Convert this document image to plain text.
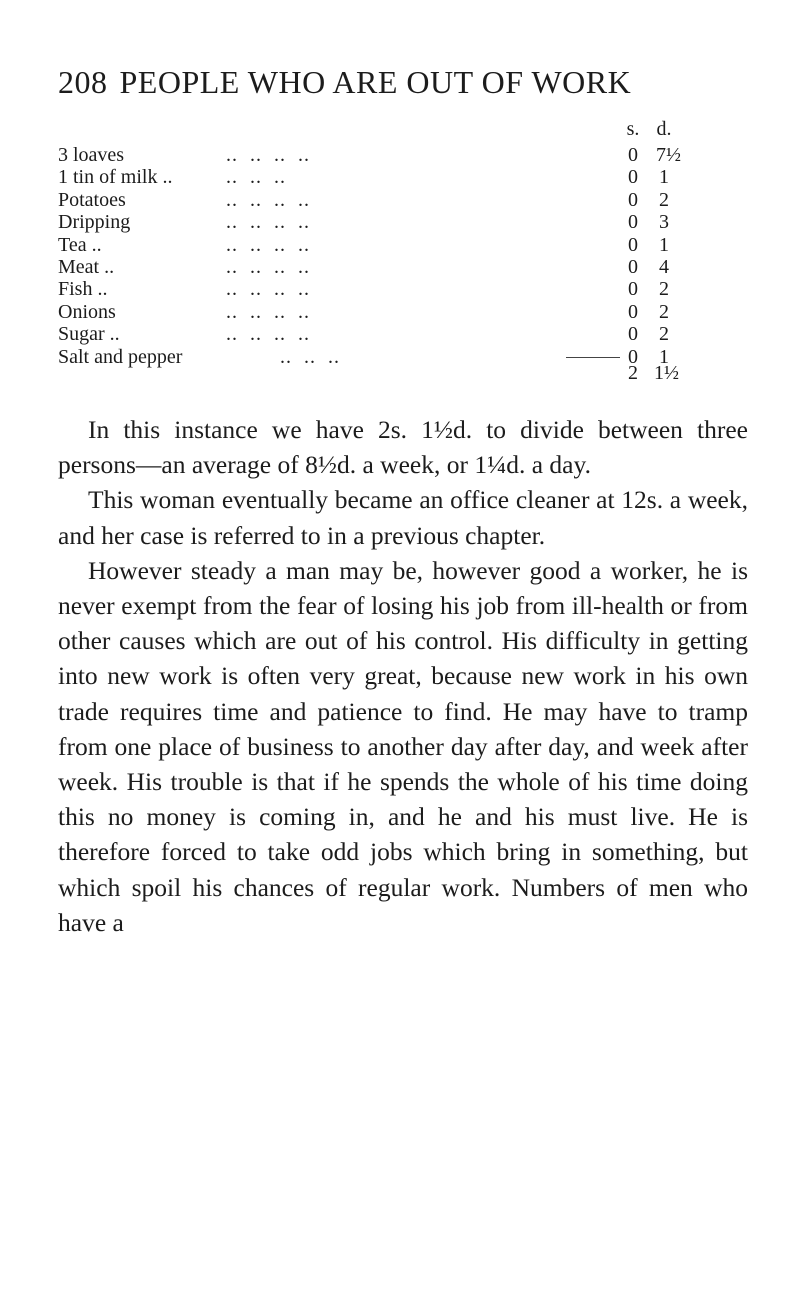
208 PEOPLE WHO ARE OUT OF WORK
s. d.
3 loaves	..  ..  ..  ..	0 7½
1 tin of milk ..	..  ..  ..	0 1
Potatoes	..  ..  ..  ..	0 2
Dripping	..  ..  ..  ..	0 3
Tea ..	..  ..  ..  ..	0 1
Meat ..	..  ..  ..  ..	0 4
Fish ..	..  ..  ..  ..	0 2
Onions	..  ..  ..  ..	0 2
Sugar ..	..  ..  ..  ..	0 2
Salt and pepper ..  ..  ..	0 1
2 1½

In this instance we have 2s. 1½d. to divide between three persons—an average of 8½d. a week, or 1¼d. a day.

This woman eventually became an office cleaner at 12s. a week, and her case is referred to in a previous chapter.

However steady a man may be, however good a worker, he is never exempt from the fear of losing his job from ill-health or from other causes which are out of his control. His difficulty in getting into new work is often very great, because new work in his own trade requires time and patience to find. He may have to tramp from one place of business to another day after day, and week after week. His trouble is that if he spends the whole of his time doing this no money is coming in, and he and his must live. He is therefore forced to take odd jobs which bring in something, but which spoil his chances of regular work. Numbers of men who have a
